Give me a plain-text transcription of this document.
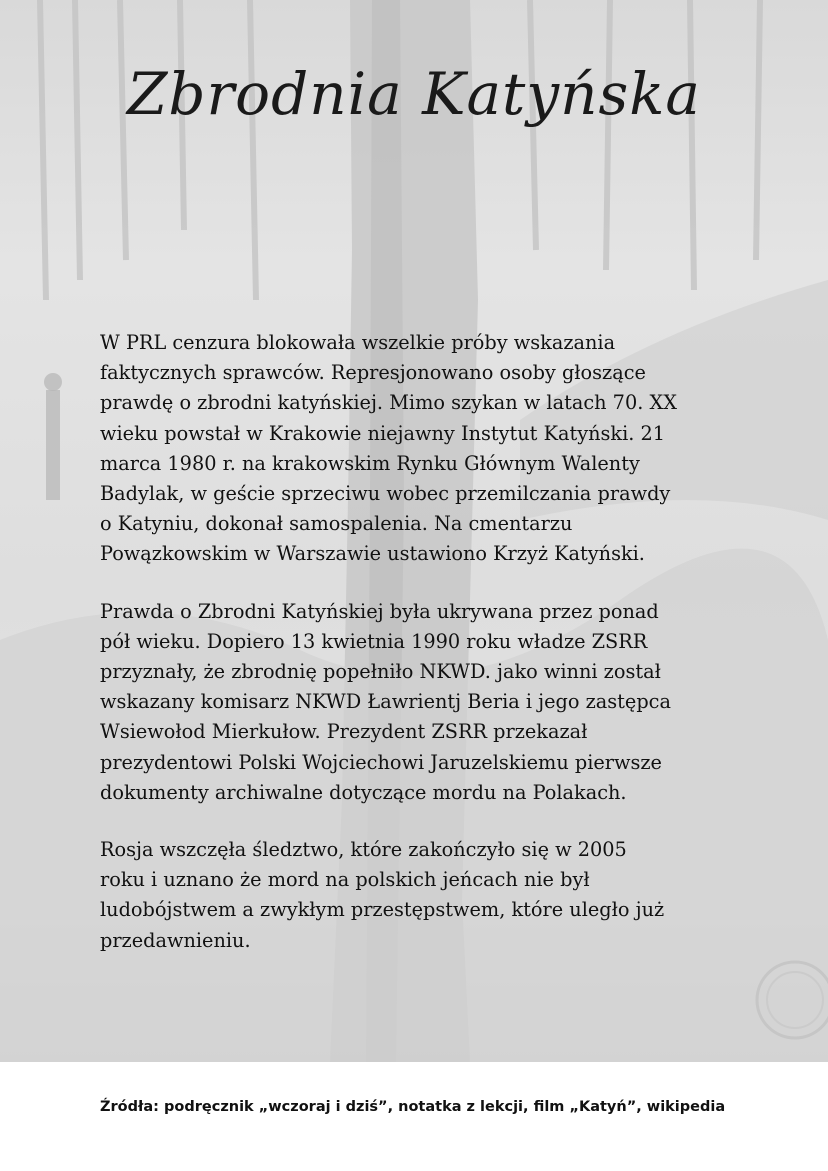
Zbrodnia Katyńska

W PRL cenzura blokowała wszelkie próby wskazania
faktycznych sprawców. Represjonowano osoby głoszące
prawdę o zbrodni katyńskiej. Mimo szykan w latach 70. XX
wieku powstał w Krakowie niejawny Instytut Katyński. 21
marca 1980 r. na krakowskim Rynku Głównym Walenty
Badylak, w geście sprzeciwu wobec przemilczania prawdy
o Katyniu, dokonał samospalenia. Na cmentarzu
Powązkowskim w Warszawie ustawiono Krzyż Katyński.

Prawda o Zbrodni Katyńskiej była ukrywana przez ponad
pół wieku. Dopiero 13 kwietnia 1990 roku władze ZSRR
przyznały, że zbrodnię popełniło NKWD. jako winni został
wskazany komisarz NKWD Ławrientj Beria i jego zastępca
Wsiewołod Mierkułow. Prezydent ZSRR przekazał
prezydentowi Polski Wojciechowi Jaruzelskiemu pierwsze
dokumenty archiwalne dotyczące mordu na Polakach.

Rosja wszczęła śledztwo, które zakończyło się w 2005
roku i uznano że mord na polskich jeńcach nie był
ludobójstwem a zwykłym przestępstwem, które uległo już
przedawnieniu.

Źródła: podręcznik „wczoraj i dziś”, notatka z lekcji, film „Katyń”, wikipedia
